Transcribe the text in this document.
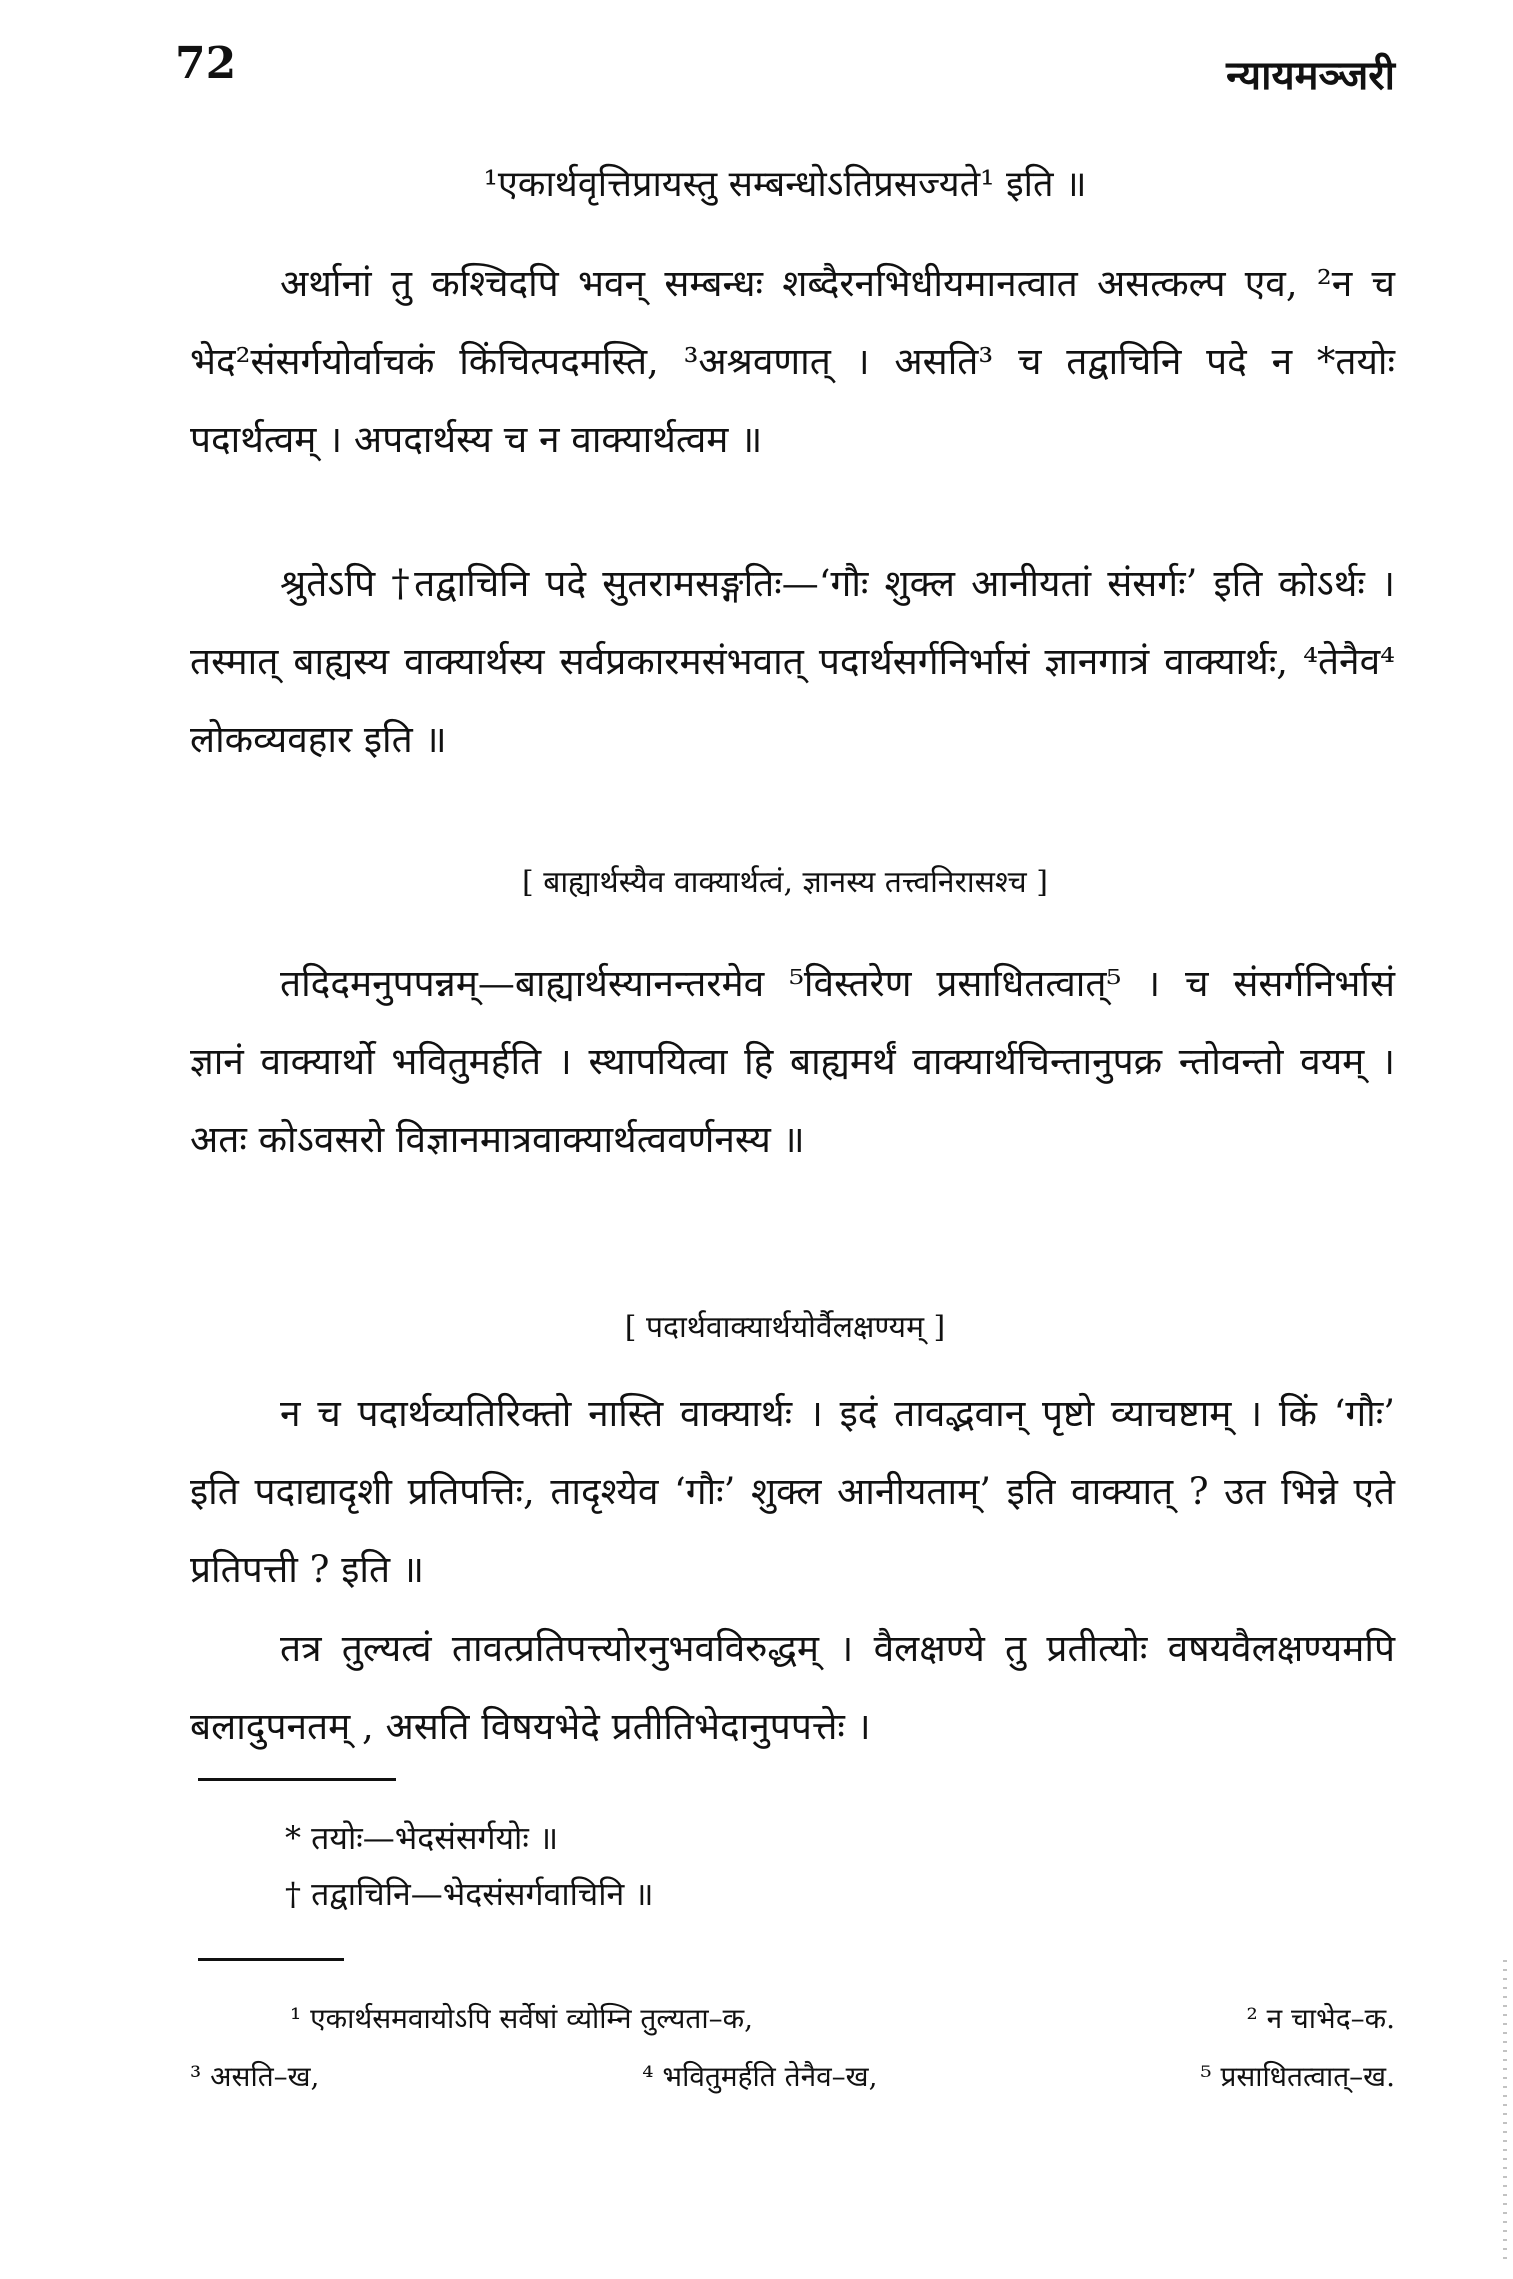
72	न्यायमञ्जरी
¹एकार्थवृत्तिप्रायस्तु सम्बन्धोऽतिप्रसज्यते¹ इति ॥

अर्थानां तु कश्चिदपि भवन् सम्बन्धः शब्दैरनभिधीयमानत्वात असत्कल्प एव, ²न च भेद²संसर्गयोर्वाचकं किंचित्पदमस्ति, ³अश्रवणात् । असति³ च तद्वाचिनि पदे न *तयोः पदार्थत्वम् । अपदार्थस्य च न वाक्यार्थत्वम ॥

श्रुतेऽपि †तद्वाचिनि पदे सुतरामसङ्गतिः—‘गौः शुक्ल आनीयतां संसर्गः’ इति कोऽर्थः । तस्मात् बाह्यस्य वाक्यार्थस्य सर्वप्रकारमसंभवात् पदार्थसर्गनिर्भासं ज्ञानगात्रं वाक्यार्थः, ⁴तेनैव⁴ लोकव्यवहार इति ॥

[ बाह्यार्थस्यैव वाक्यार्थत्वं, ज्ञानस्य तत्त्वनिरासश्च ]

तदिदमनुपपन्नम्—बाह्यार्थस्यानन्तरमेव ⁵विस्तरेण प्रसाधितत्वात्⁵ । च संसर्गनिर्भासं ज्ञानं वाक्यार्थो भवितुमर्हति । स्थापयित्वा हि बाह्यमर्थं वाक्यार्थचिन्तानुपक्र न्तोवन्तो वयम् । अतः कोऽवसरो विज्ञानमात्रवाक्यार्थत्ववर्णनस्य ॥

[ पदार्थवाक्यार्थयोर्वैलक्षण्यम् ]

न च पदार्थव्यतिरिक्तो नास्ति वाक्यार्थः । इदं तावद्भवान् पृष्टो व्याचष्टाम् । किं ‘गौः’ इति पदाद्यादृशी प्रतिपत्तिः, तादृश्येव ‘गौः’ शुक्ल आनीयताम्’ इति वाक्यात् ? उत भिन्ने एते प्रतिपत्ती ? इति ॥

तत्र तुल्यत्वं तावत्प्रतिपत्त्योरनुभवविरुद्धम् । वैलक्षण्ये तु प्रतीत्योः वषयवैलक्षण्यमपि बलादुपनतम् , असति विषयभेदे प्रतीतिभेदानुपपत्तेः ।

* तयोः—भेदसंसर्गयोः ॥
† तद्वाचिनि—भेदसंसर्गवाचिनि ॥
¹ एकार्थसमवायोऽपि सर्वेषां व्योम्नि तुल्यता–क,	² न चाभेद–क.
³ असति–ख,	⁴ भवितुमर्हति तेनैव–ख,	⁵ प्रसाधितत्वात्–ख.
